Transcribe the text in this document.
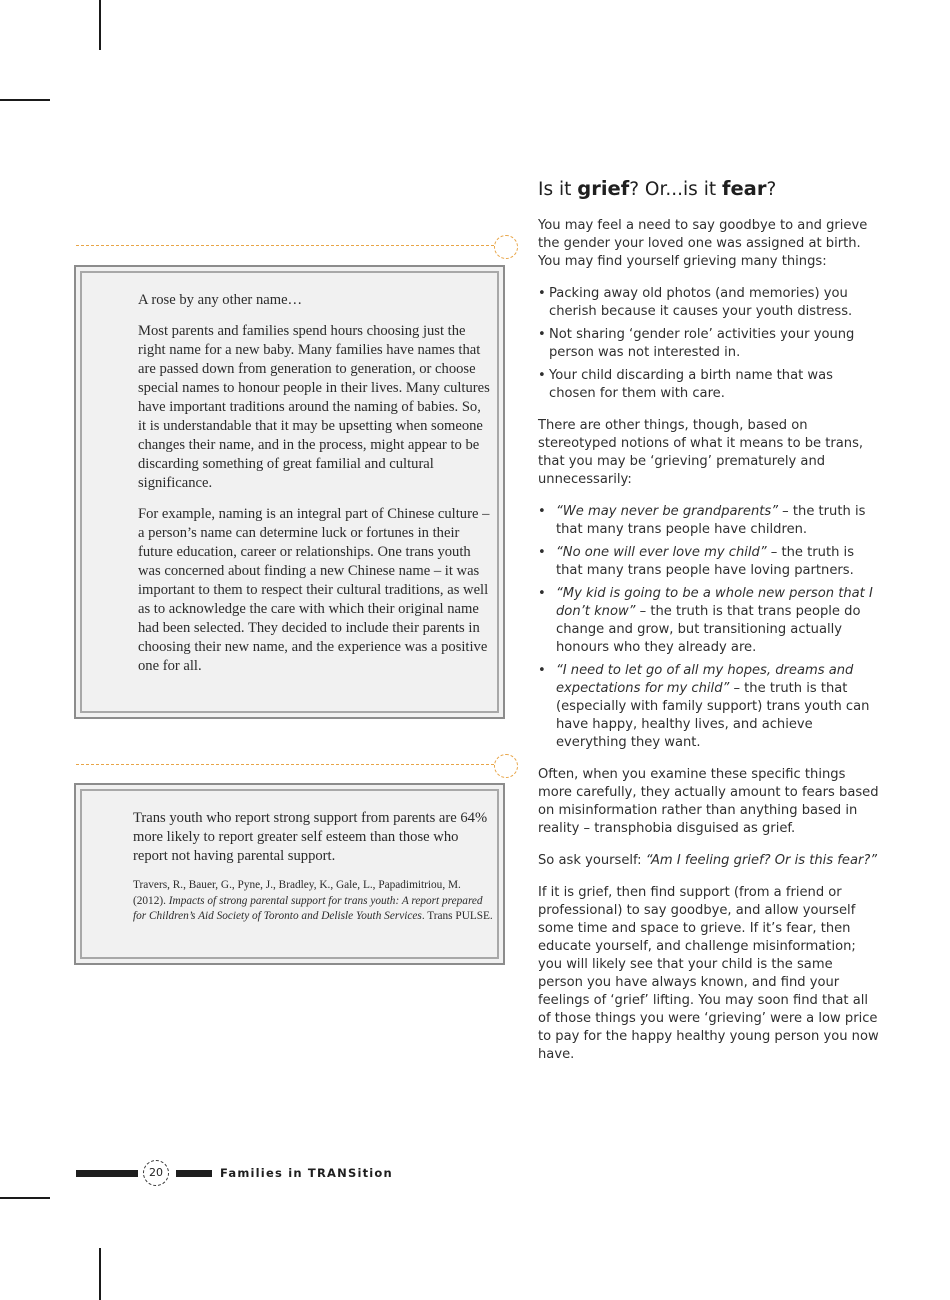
A rose by any other name…

Most parents and families spend hours choosing just the right name for a new baby. Many families have names that are passed down from generation to generation, or choose special names to honour people in their lives. Many cultures have important traditions around the naming of babies. So, it is understandable that it may be upsetting when someone changes their name, and in the process, might appear to be discarding something of great familial and cultural significance.

For example, naming is an integral part of Chinese culture – a person’s name can determine luck or fortunes in their future education, career or relationships. One trans youth was concerned about finding a new Chinese name – it was important to them to respect their cultural traditions, as well as to acknowledge the care with which their original name had been selected. They decided to include their parents in choosing their new name, and the experience was a positive one for all.

Trans youth who report strong support from parents are 64% more likely to report greater self esteem than those who report not having parental support.

Travers, R., Bauer, G., Pyne, J., Bradley, K., Gale, L., Papadimitriou, M. (2012). Impacts of strong parental support for trans youth: A report prepared for Children’s Aid Society of Toronto and Delisle Youth Services. Trans PULSE.

Is it grief? Or...is it fear?

You may feel a need to say goodbye to and grieve the gender your loved one was assigned at birth. You may find yourself grieving many things:

• Packing away old photos (and memories) you cherish because it causes your youth distress.
• Not sharing ‘gender role’ activities your young person was not interested in.
• Your child discarding a birth name that was chosen for them with care.

There are other things, though, based on stereotyped notions of what it means to be trans, that you may be ‘grieving’ prematurely and unnecessarily:

• “We may never be grandparents” – the truth is that many trans people have children.
• “No one will ever love my child” – the truth is that many trans people have loving partners.
• “My kid is going to be a whole new person that I don’t know” – the truth is that trans people do change and grow, but transitioning actually honours who they already are.
• “I need to let go of all my hopes, dreams and expectations for my child” – the truth is that (especially with family support) trans youth can have happy, healthy lives, and achieve everything they want.

Often, when you examine these specific things more carefully, they actually amount to fears based on misinformation rather than anything based in reality – transphobia disguised as grief.

So ask yourself: “Am I feeling grief? Or is this fear?”

If it is grief, then find support (from a friend or professional) to say goodbye, and allow yourself some time and space to grieve. If it’s fear, then educate yourself, and challenge misinformation; you will likely see that your child is the same person you have always known, and find your feelings of ‘grief’ lifting. You may soon find that all of those things you were ‘grieving’ were a low price to pay for the happy healthy young person you now have.

20	Families in TRANSition
